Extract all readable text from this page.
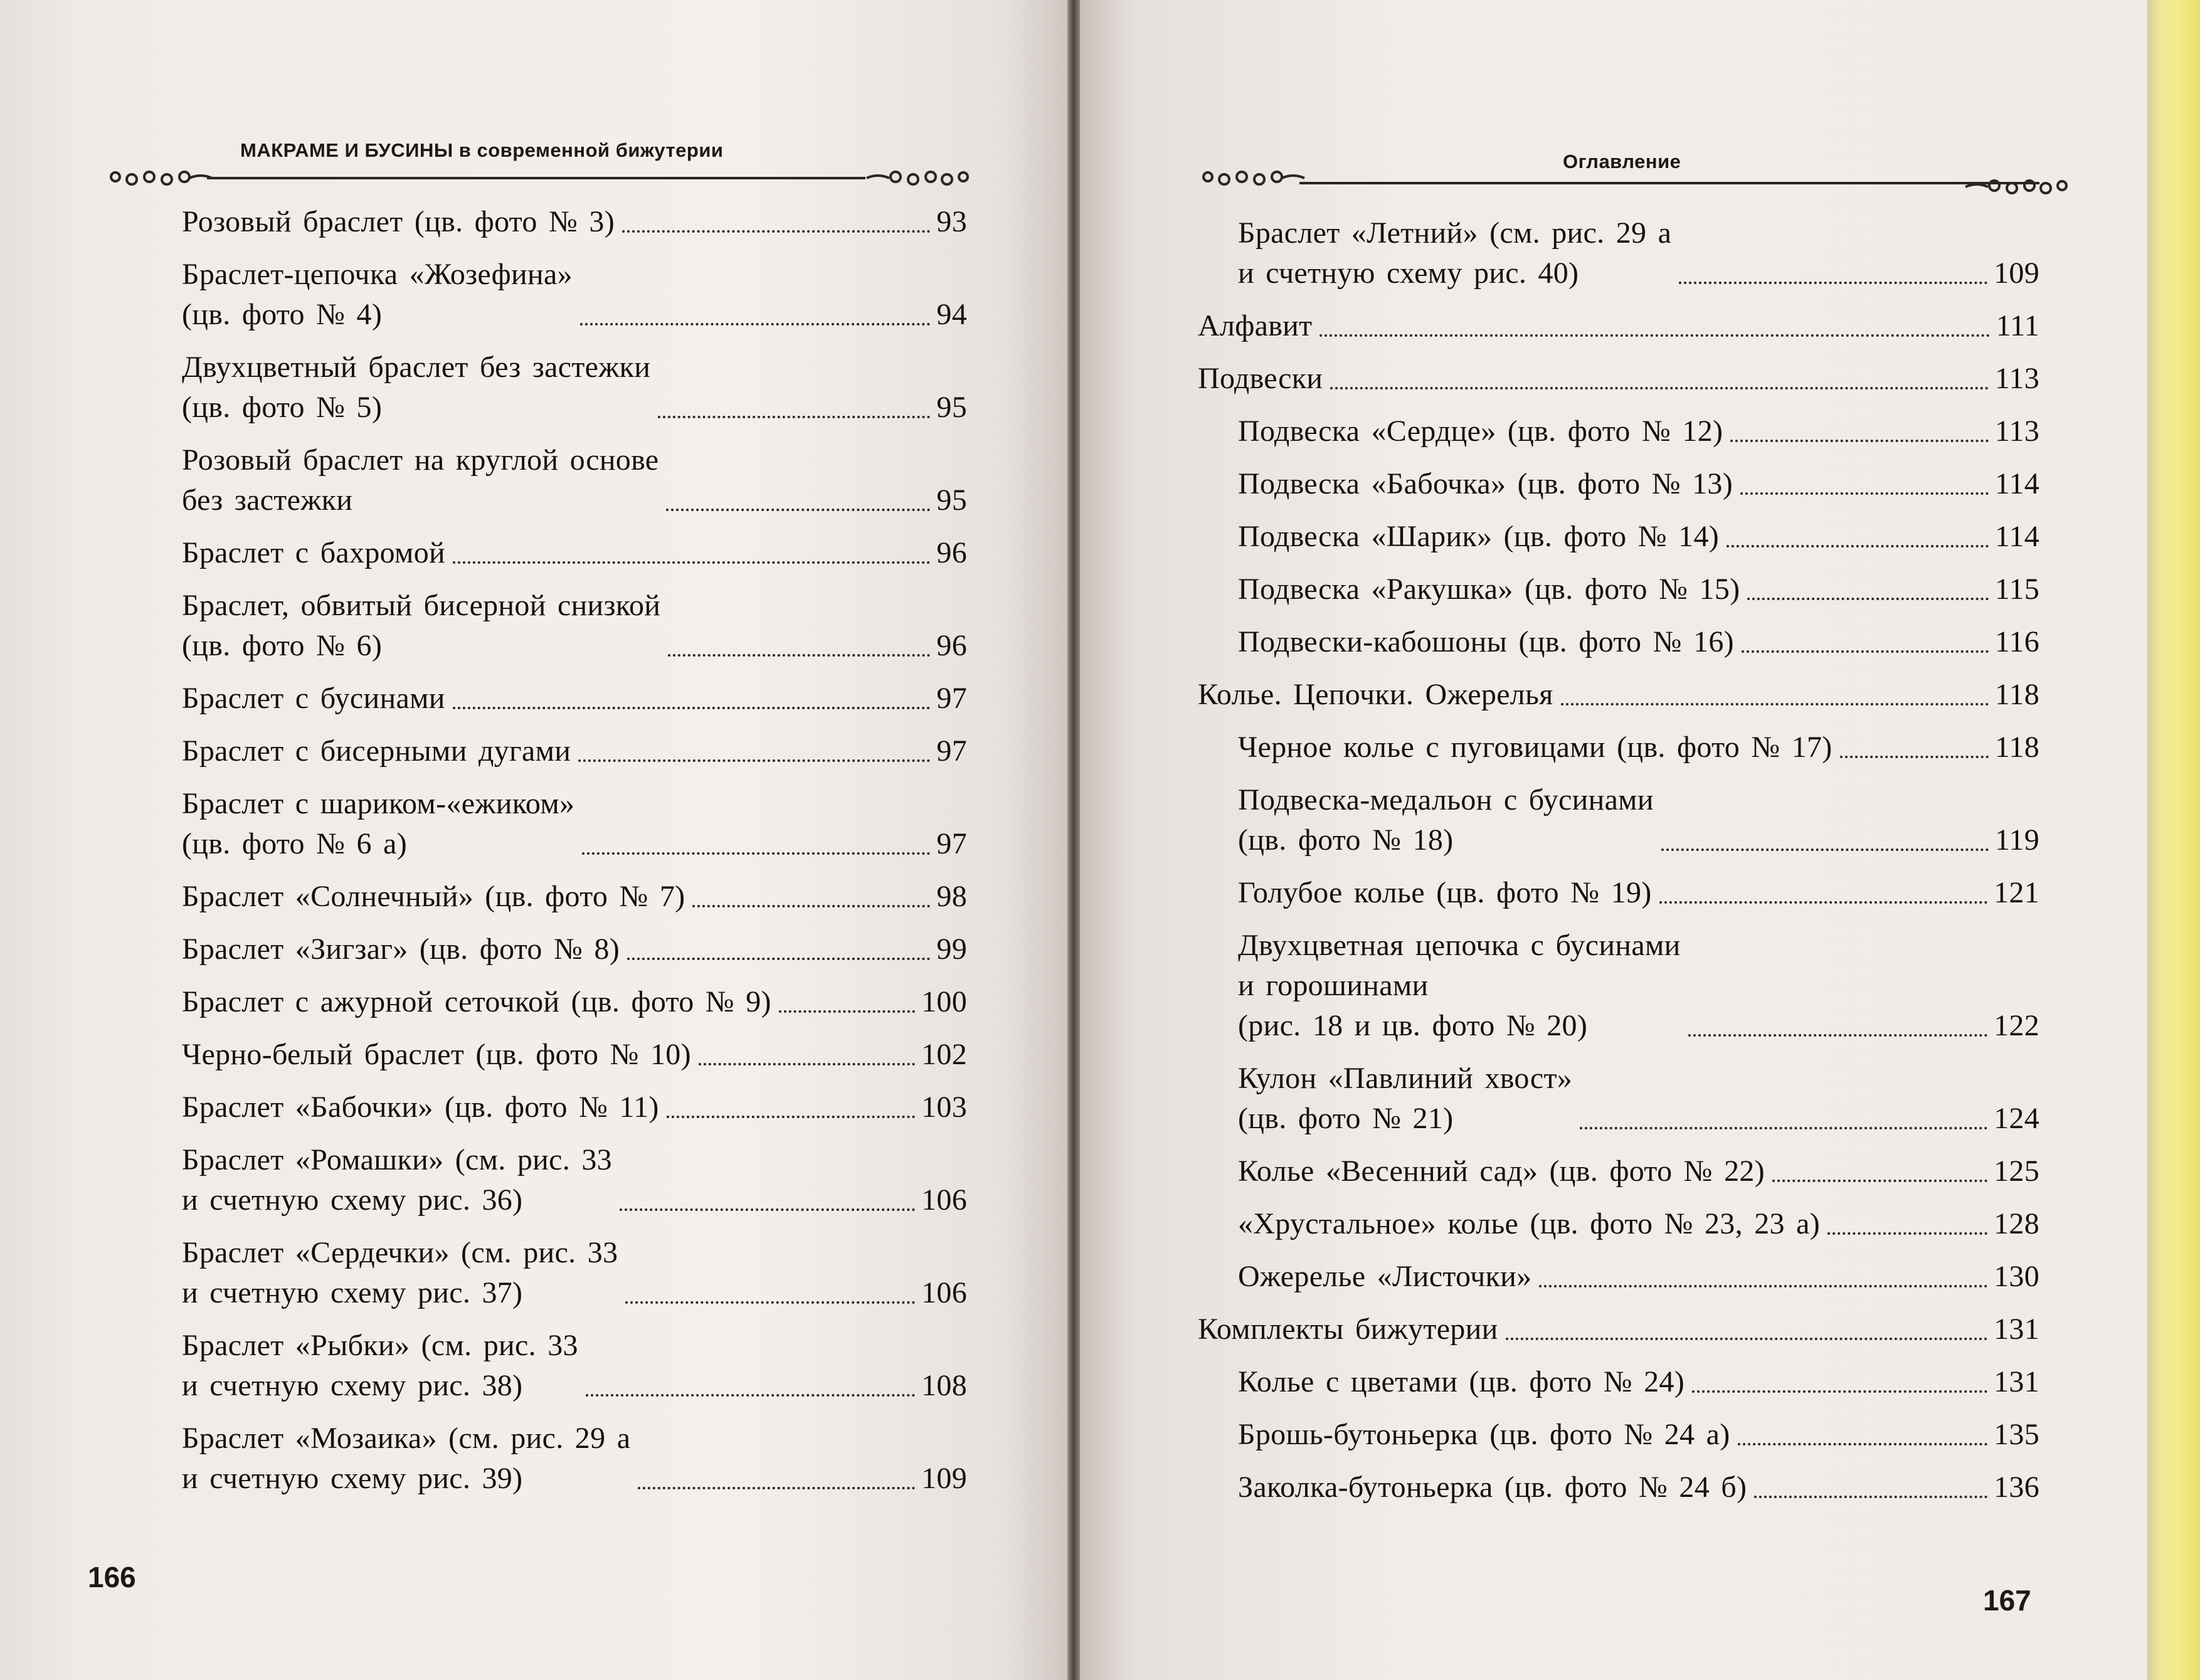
МАКРАМЕ И БУСИНЫ в современной бижутерии
Розовый браслет (цв. фото № 3)	93
Браслет-цепочка «Жозефина»
(цв. фото № 4)	94
Двухцветный браслет без застежки
(цв. фото № 5)	95
Розовый браслет на круглой основе
без застежки	95
Браслет с бахромой	96
Браслет, обвитый бисерной снизкой
(цв. фото № 6)	96
Браслет с бусинами	97
Браслет с бисерными дугами	97
Браслет с шариком-«ежиком»
(цв. фото № 6 а)	97
Браслет «Солнечный» (цв. фото № 7)	98
Браслет «Зигзаг» (цв. фото № 8)	99
Браслет с ажурной сеточкой (цв. фото № 9)	100
Черно-белый браслет (цв. фото № 10)	102
Браслет «Бабочки» (цв. фото № 11)	103
Браслет «Ромашки» (см. рис. 33
и счетную схему рис. 36)	106
Браслет «Сердечки» (см. рис. 33
и счетную схему рис. 37)	106
Браслет «Рыбки» (см. рис. 33
и счетную схему рис. 38)	108
Браслет «Мозаика» (см. рис. 29 а
и счетную схему рис. 39)	109
166
Оглавление
Браслет «Летний» (см. рис. 29 а
и счетную схему рис. 40)	109
Алфавит	111
Подвески	113
Подвеска «Сердце» (цв. фото № 12)	113
Подвеска «Бабочка» (цв. фото № 13)	114
Подвеска «Шарик» (цв. фото № 14)	114
Подвеска «Ракушка» (цв. фото № 15)	115
Подвески-кабошоны (цв. фото № 16)	116
Колье. Цепочки. Ожерелья	118
Черное колье с пуговицами (цв. фото № 17)	118
Подвеска-медальон с бусинами
(цв. фото № 18)	119
Голубое колье (цв. фото № 19)	121
Двухцветная цепочка с бусинами
и горошинами
(рис. 18 и цв. фото № 20)	122
Кулон «Павлиний хвост»
(цв. фото № 21)	124
Колье «Весенний сад» (цв. фото № 22)	125
«Хрустальное» колье (цв. фото № 23, 23 а)	128
Ожерелье «Листочки»	130
Комплекты бижутерии	131
Колье с цветами (цв. фото № 24)	131
Брошь-бутоньерка (цв. фото № 24 а)	135
Заколка-бутоньерка (цв. фото № 24 б)	136
167
